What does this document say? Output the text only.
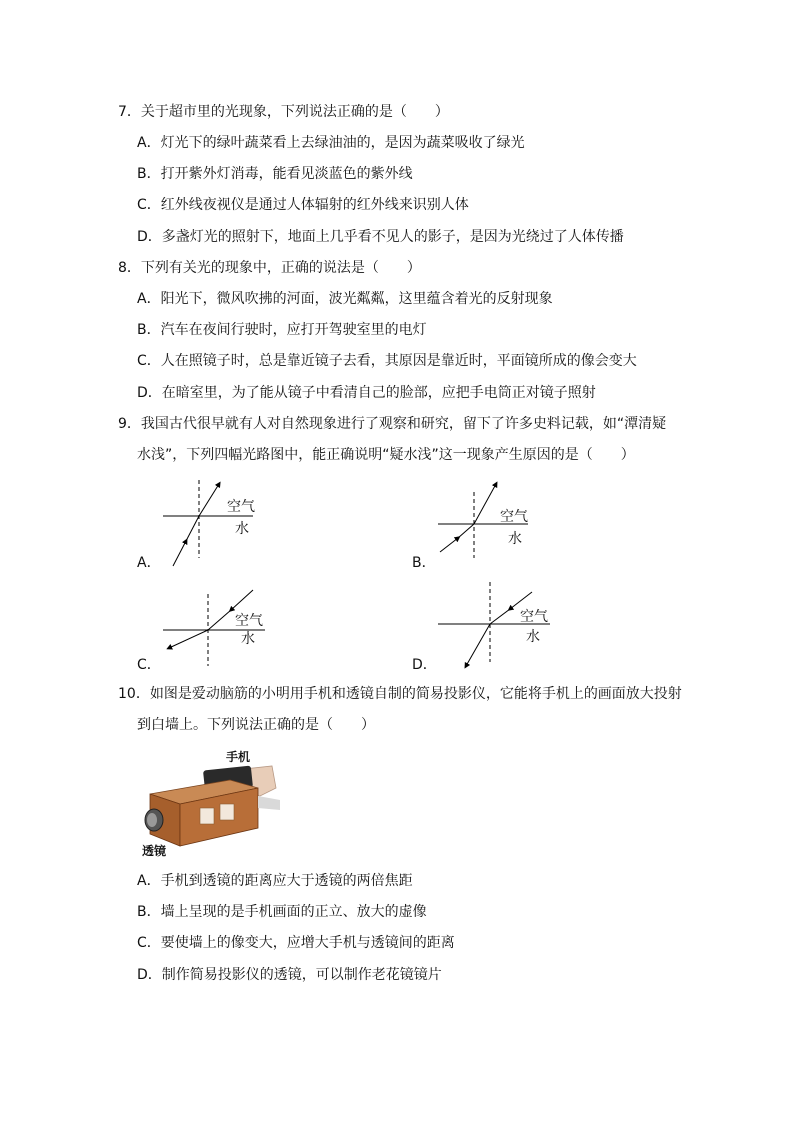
7．关于超市里的光现象，下列说法正确的是（　　）
A．灯光下的绿叶蔬菜看上去绿油油的，是因为蔬菜吸收了绿光
B．打开紫外灯消毒，能看见淡蓝色的紫外线
C．红外线夜视仪是通过人体辐射的红外线来识别人体
D．多盏灯光的照射下，地面上几乎看不见人的影子，是因为光绕过了人体传播
8．下列有关光的现象中，正确的说法是（　　）
A．阳光下，微风吹拂的河面，波光粼粼，这里蕴含着光的反射现象
B．汽车在夜间行驶时，应打开驾驶室里的电灯
C．人在照镜子时，总是靠近镜子去看，其原因是靠近时，平面镜所成的像会变大
D．在暗室里，为了能从镜子中看清自己的脸部，应把手电筒正对镜子照射
9．我国古代很早就有人对自然现象进行了观察和研究，留下了许多史料记载，如“潭清疑
水浅”，下列四幅光路图中，能正确说明“疑水浅”这一现象产生原因的是（　　）
空气
水
A．
空气
水
B．
空气
水
C．
空气
水
D．
10．如图是爱动脑筋的小明用手机和透镜自制的简易投影仪，它能将手机上的画面放大投射
到白墙上。下列说法正确的是（　　）
手机
透镜
A．手机到透镜的距离应大于透镜的两倍焦距
B．墙上呈现的是手机画面的正立、放大的虚像
C．要使墙上的像变大，应增大手机与透镜间的距离
D．制作简易投影仪的透镜，可以制作老花镜镜片
